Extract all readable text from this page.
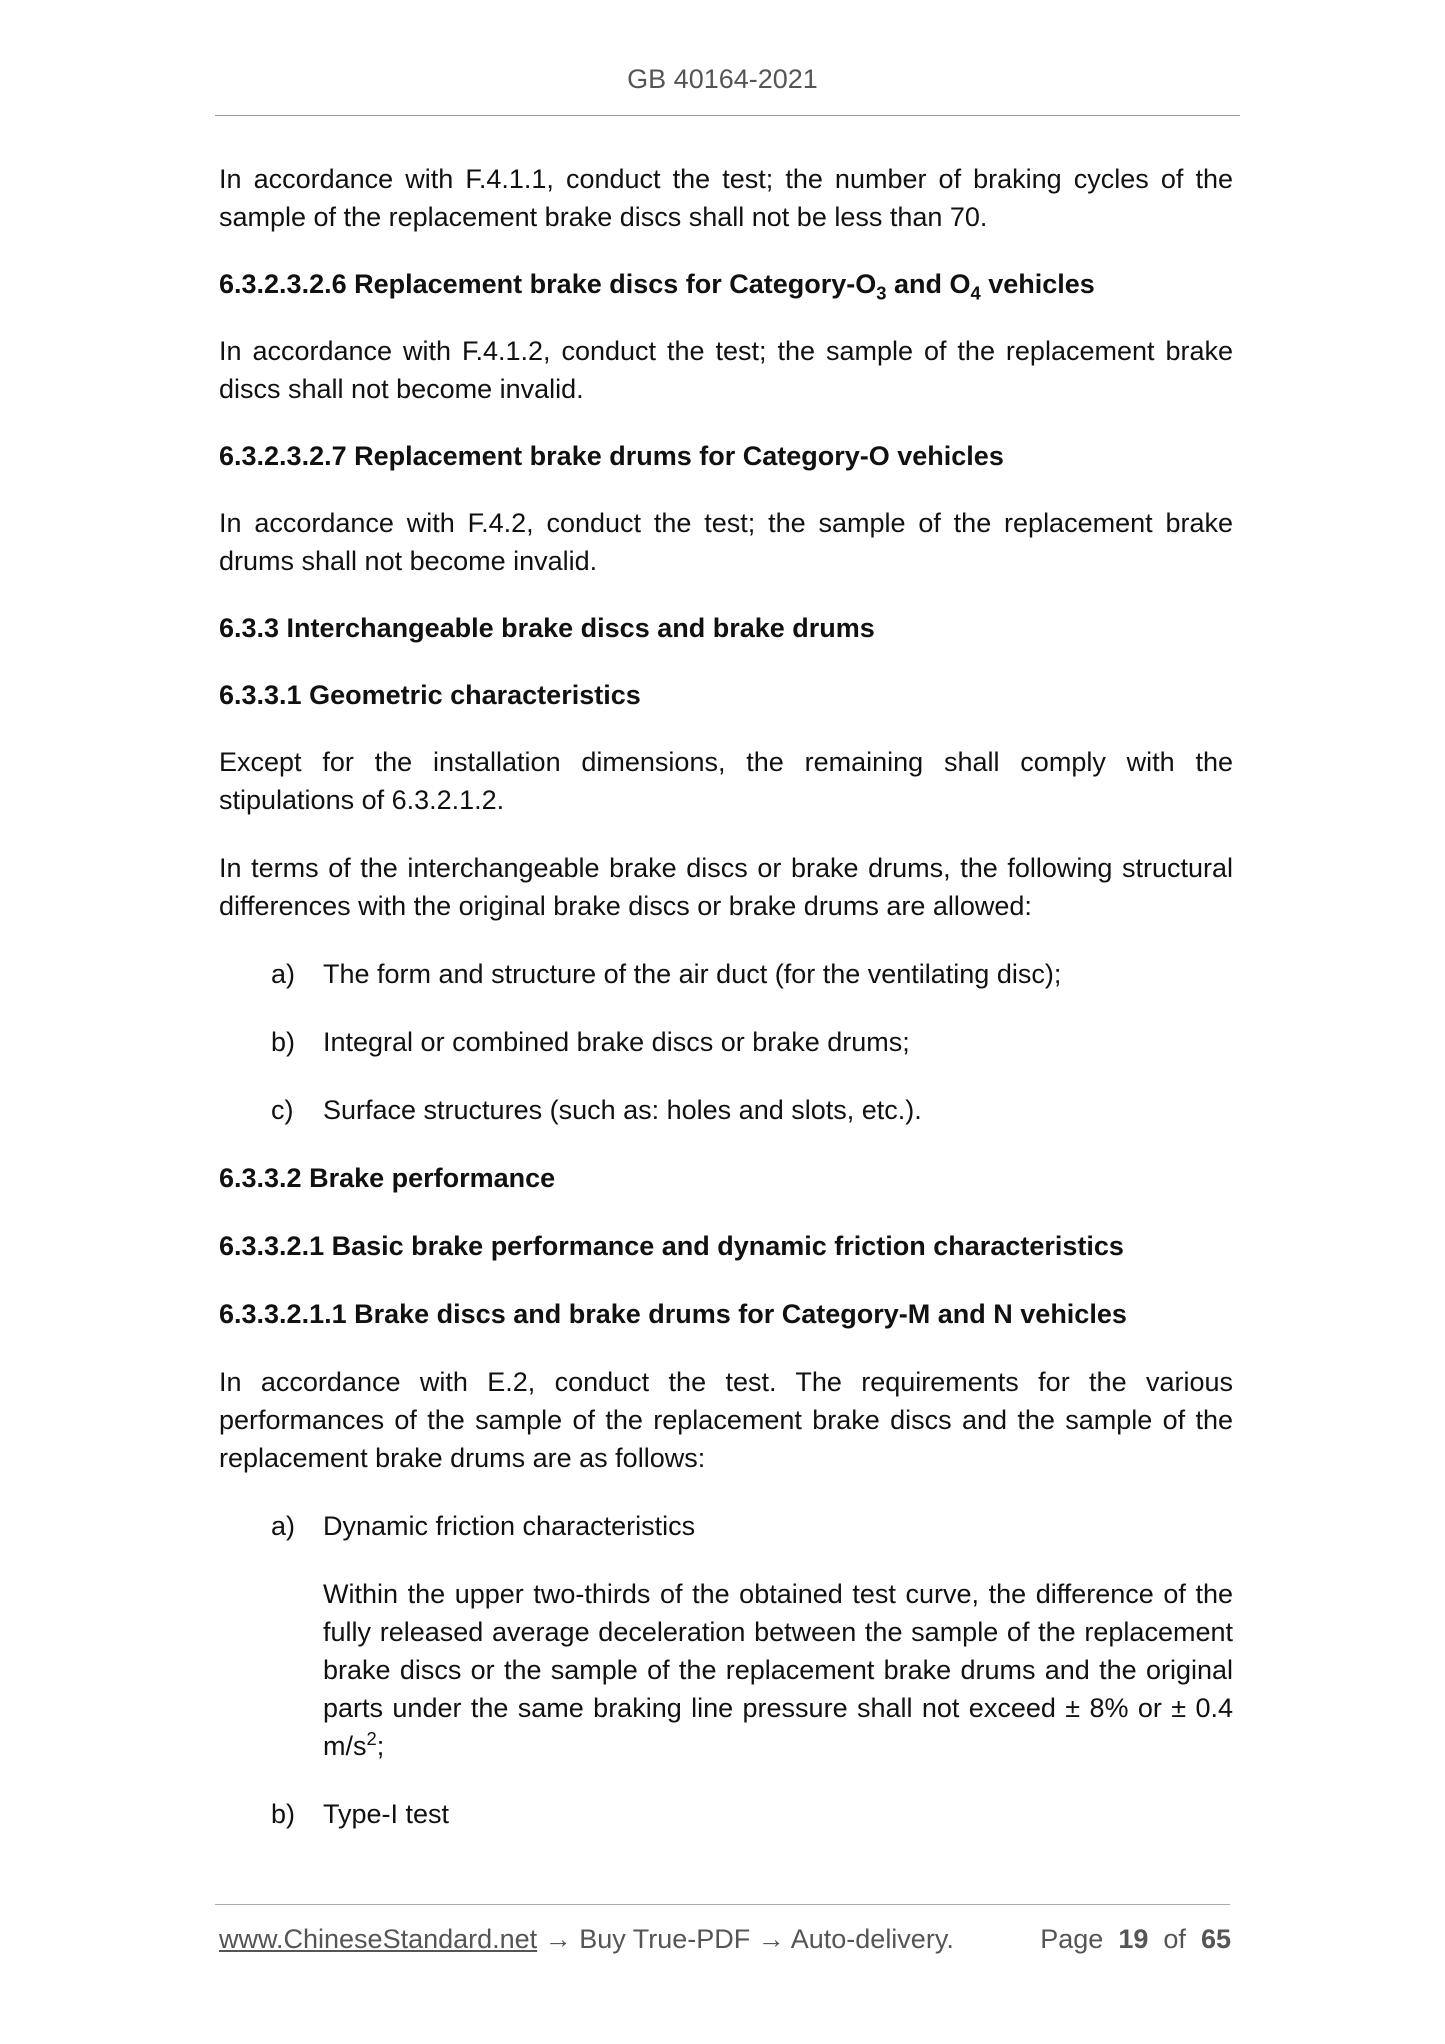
GB 40164-2021

In accordance with F.4.1.1, conduct the test; the number of braking cycles of the sample of the replacement brake discs shall not be less than 70.

6.3.2.3.2.6 Replacement brake discs for Category-$O_3$ and $O_4$ vehicles

In accordance with F.4.1.2, conduct the test; the sample of the replacement brake discs shall not become invalid.

6.3.2.3.2.7 Replacement brake drums for Category-O vehicles

In accordance with F.4.2, conduct the test; the sample of the replacement brake drums shall not become invalid.

6.3.3 Interchangeable brake discs and brake drums

6.3.3.1 Geometric characteristics

Except for the installation dimensions, the remaining shall comply with the stipulations of 6.3.2.1.2.

In terms of the interchangeable brake discs or brake drums, the following structural differences with the original brake discs or brake drums are allowed:

a) The form and structure of the air duct (for the ventilating disc);

b) Integral or combined brake discs or brake drums;

c) Surface structures (such as: holes and slots, etc.).

6.3.3.2 Brake performance

6.3.3.2.1 Basic brake performance and dynamic friction characteristics

6.3.3.2.1.1 Brake discs and brake drums for Category-M and N vehicles

In accordance with E.2, conduct the test. The requirements for the various performances of the sample of the replacement brake discs and the sample of the replacement brake drums are as follows:

a) Dynamic friction characteristics

Within the upper two-thirds of the obtained test curve, the difference of the fully released average deceleration between the sample of the replacement brake discs or the sample of the replacement brake drums and the original parts under the same braking line pressure shall not exceed ± 8% or ± 0.4 $m/s^2$;

b) Type-I test

www.ChineseStandard.net → Buy True-PDF → Auto-delivery.	Page 19 of 65
